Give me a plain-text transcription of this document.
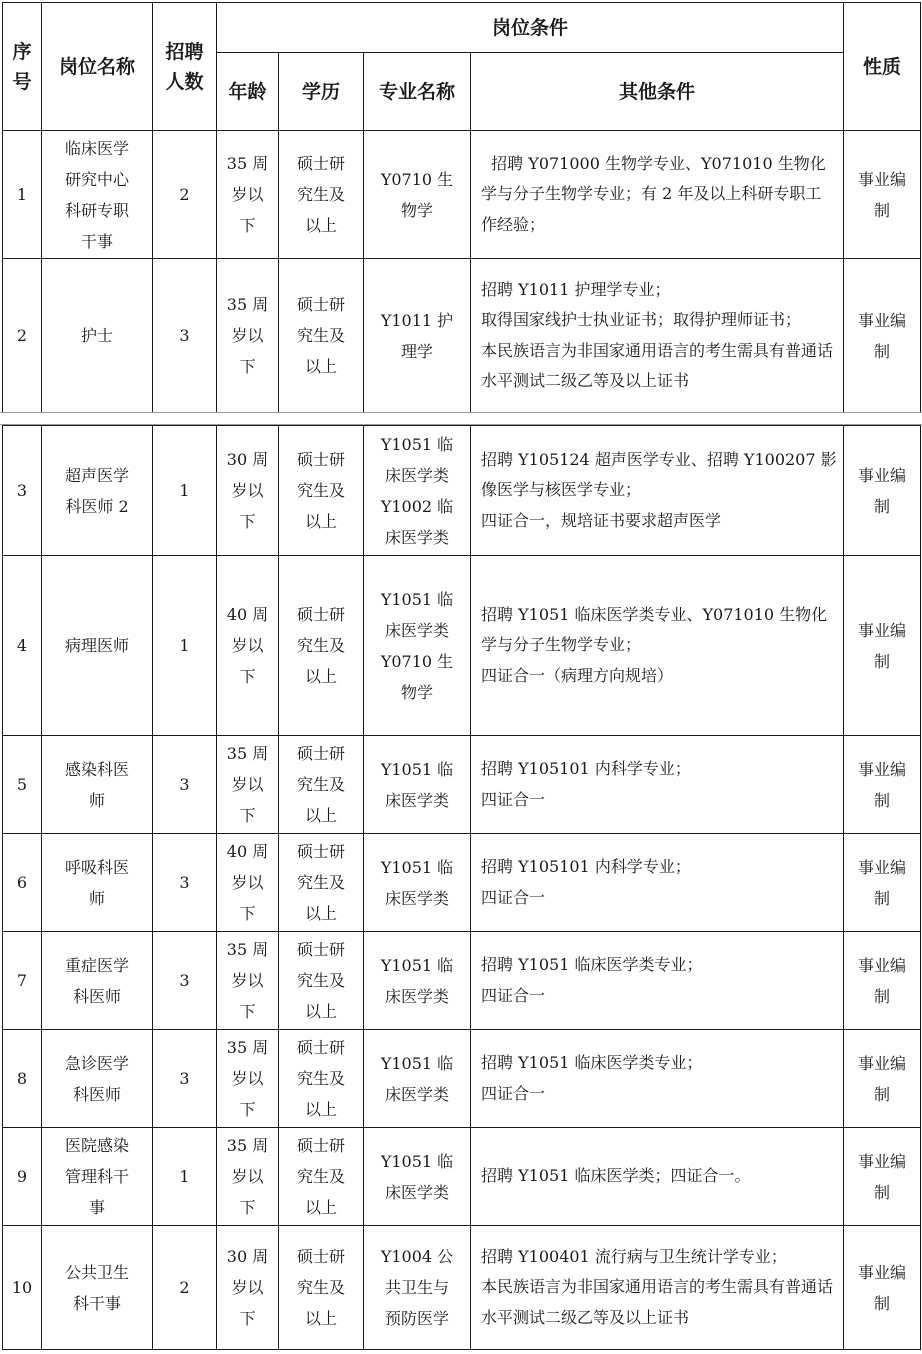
序号	岗位名称	招聘人数	岗位条件				性质
			年龄	学历	专业名称	其他条件	
1	临床医学
研究中心
科研专职
干事	2	35 周
岁以
下	硕士研
究生及
以上	Y0710 生
物学	招聘 Y071000 生物学专业、Y071010 生物化学与分子生物学专业；有 2 年及以上科研专职工作经验；	事业编
制
2	护士	3	35 周
岁以
下	硕士研
究生及
以上	Y1011 护
理学	招聘 Y1011 护理学专业；
取得国家线护士执业证书；取得护理师证书；
本民族语言为非国家通用语言的考生需具有普通话水平测试二级乙等及以上证书	事业编
制
3	超声医学
科医师 2	1	30 周
岁以
下	硕士研
究生及
以上	Y1051 临
床医学类
Y1002 临
床医学类	招聘 Y105124 超声医学专业、招聘 Y100207 影像医学与核医学专业；
四证合一，规培证书要求超声医学	事业编
制
4	病理医师	1	40 周
岁以
下	硕士研
究生及
以上	Y1051 临
床医学类
Y0710 生
物学	招聘 Y1051 临床医学类专业、Y071010 生物化学与分子生物学专业；
四证合一（病理方向规培）	事业编
制
5	感染科医
师	3	35 周
岁以
下	硕士研
究生及
以上	Y1051 临
床医学类	招聘 Y105101 内科学专业；
四证合一	事业编
制
6	呼吸科医
师	3	40 周
岁以
下	硕士研
究生及
以上	Y1051 临
床医学类	招聘 Y105101 内科学专业；
四证合一	事业编
制
7	重症医学
科医师	3	35 周
岁以
下	硕士研
究生及
以上	Y1051 临
床医学类	招聘 Y1051 临床医学类专业；
四证合一	事业编
制
8	急诊医学
科医师	3	35 周
岁以
下	硕士研
究生及
以上	Y1051 临
床医学类	招聘 Y1051 临床医学类专业；
四证合一	事业编
制
9	医院感染
管理科干
事	1	35 周
岁以
下	硕士研
究生及
以上	Y1051 临
床医学类	招聘 Y1051 临床医学类；四证合一。	事业编
制
10	公共卫生
科干事	2	30 周
岁以
下	硕士研
究生及
以上	Y1004 公
共卫生与
预防医学	招聘 Y100401 流行病与卫生统计学专业；
本民族语言为非国家通用语言的考生需具有普通话水平测试二级乙等及以上证书	事业编
制
